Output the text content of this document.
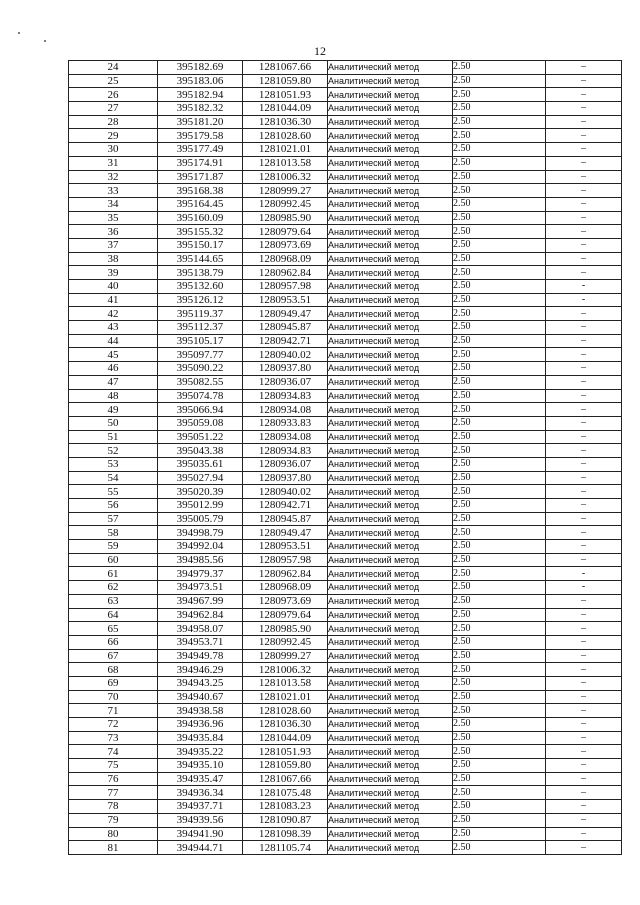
12
24	395182.69	1281067.66	Аналитический метод	2.50	–
25	395183.06	1281059.80	Аналитический метод	2.50	–
26	395182.94	1281051.93	Аналитический метод	2.50	–
27	395182.32	1281044.09	Аналитический метод	2.50	–
28	395181.20	1281036.30	Аналитический метод	2.50	–
29	395179.58	1281028.60	Аналитический метод	2.50	–
30	395177.49	1281021.01	Аналитический метод	2.50	–
31	395174.91	1281013.58	Аналитический метод	2.50	–
32	395171.87	1281006.32	Аналитический метод	2.50	–
33	395168.38	1280999.27	Аналитический метод	2.50	–
34	395164.45	1280992.45	Аналитический метод	2.50	–
35	395160.09	1280985.90	Аналитический метод	2.50	–
36	395155.32	1280979.64	Аналитический метод	2.50	–
37	395150.17	1280973.69	Аналитический метод	2.50	–
38	395144.65	1280968.09	Аналитический метод	2.50	–
39	395138.79	1280962.84	Аналитический метод	2.50	–
40	395132.60	1280957.98	Аналитический метод	2.50	-
41	395126.12	1280953.51	Аналитический метод	2.50	-
42	395119.37	1280949.47	Аналитический метод	2.50	–
43	395112.37	1280945.87	Аналитический метод	2.50	–
44	395105.17	1280942.71	Аналитический метод	2.50	–
45	395097.77	1280940.02	Аналитический метод	2.50	–
46	395090.22	1280937.80	Аналитический метод	2.50	–
47	395082.55	1280936.07	Аналитический метод	2.50	–
48	395074.78	1280934.83	Аналитический метод	2.50	–
49	395066.94	1280934.08	Аналитический метод	2.50	–
50	395059.08	1280933.83	Аналитический метод	2.50	–
51	395051.22	1280934.08	Аналитический метод	2.50	–
52	395043.38	1280934.83	Аналитический метод	2.50	–
53	395035.61	1280936.07	Аналитический метод	2.50	–
54	395027.94	1280937.80	Аналитический метод	2.50	–
55	395020.39	1280940.02	Аналитический метод	2.50	–
56	395012.99	1280942.71	Аналитический метод	2.50	–
57	395005.79	1280945.87	Аналитический метод	2.50	–
58	394998.79	1280949.47	Аналитический метод	2.50	–
59	394992.04	1280953.51	Аналитический метод	2.50	–
60	394985.56	1280957.98	Аналитический метод	2.50	–
61	394979.37	1280962.84	Аналитический метод	2.50	-
62	394973.51	1280968.09	Аналитический метод	2.50	-
63	394967.99	1280973.69	Аналитический метод	2.50	–
64	394962.84	1280979.64	Аналитический метод	2.50	–
65	394958.07	1280985.90	Аналитический метод	2.50	–
66	394953.71	1280992.45	Аналитический метод	2.50	–
67	394949.78	1280999.27	Аналитический метод	2.50	–
68	394946.29	1281006.32	Аналитический метод	2.50	–
69	394943.25	1281013.58	Аналитический метод	2.50	–
70	394940.67	1281021.01	Аналитический метод	2.50	–
71	394938.58	1281028.60	Аналитический метод	2.50	–
72	394936.96	1281036.30	Аналитический метод	2.50	–
73	394935.84	1281044.09	Аналитический метод	2.50	–
74	394935.22	1281051.93	Аналитический метод	2.50	–
75	394935.10	1281059.80	Аналитический метод	2.50	–
76	394935.47	1281067.66	Аналитический метод	2.50	–
77	394936.34	1281075.48	Аналитический метод	2.50	–
78	394937.71	1281083.23	Аналитический метод	2.50	–
79	394939.56	1281090.87	Аналитический метод	2.50	–
80	394941.90	1281098.39	Аналитический метод	2.50	–
81	394944.71	1281105.74	Аналитический метод	2.50	–
